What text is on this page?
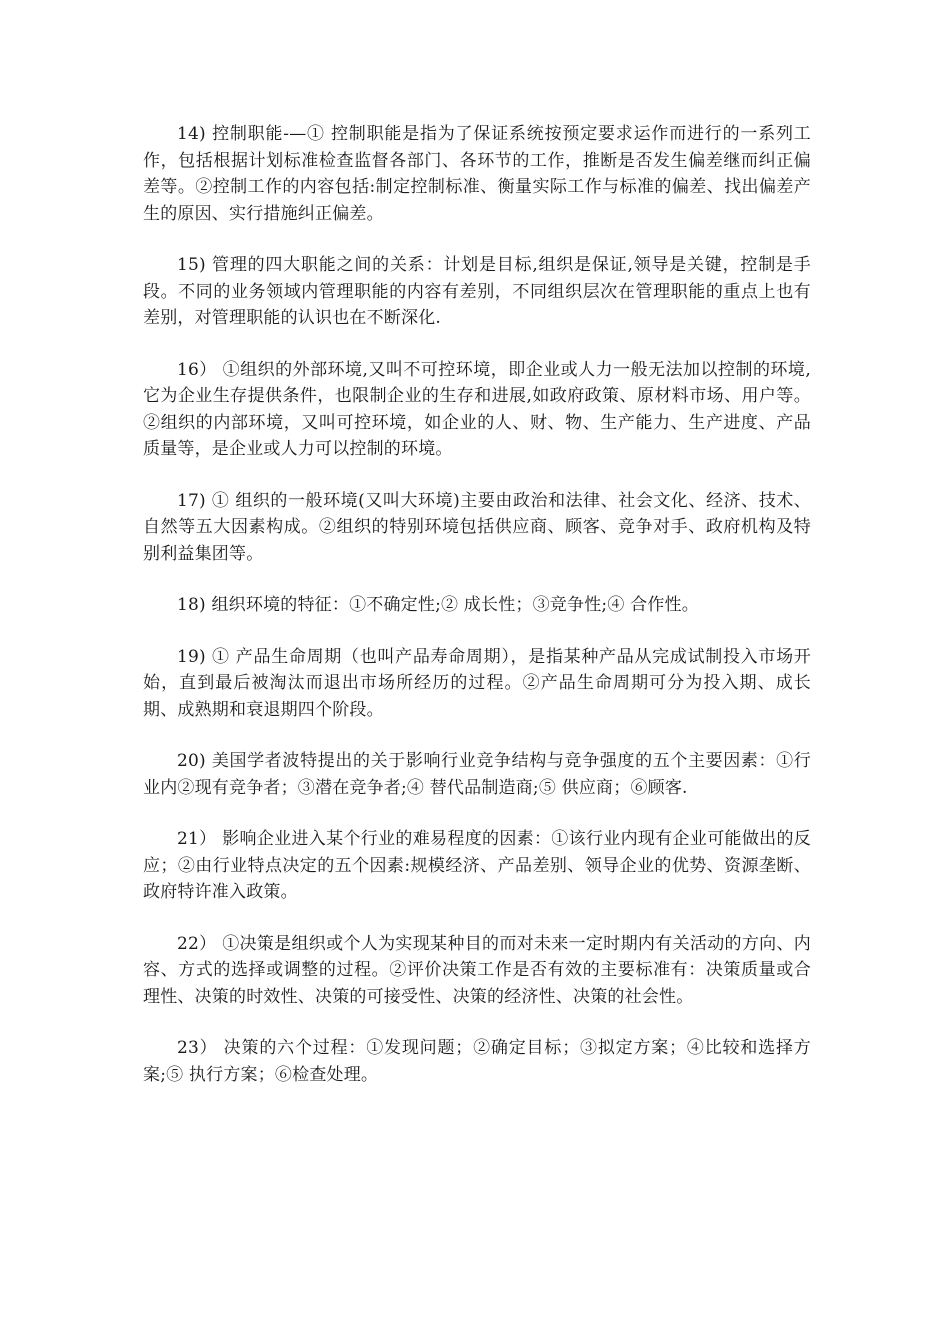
14) 控制职能-—① 控制职能是指为了保证系统按预定要求运作而进行的一系列工作，包括根据计划标准检查监督各部门、各环节的工作，推断是否发生偏差继而纠正偏差等。②控制工作的内容包括:制定控制标准、衡量实际工作与标准的偏差、找出偏差产生的原因、实行措施纠正偏差。

15) 管理的四大职能之间的关系：计划是目标,组织是保证,领导是关键，控制是手段。不同的业务领域内管理职能的内容有差别，不同组织层次在管理职能的重点上也有差别，对管理职能的认识也在不断深化.

16） ①组织的外部环境,又叫不可控环境，即企业或人力一般无法加以控制的环境,它为企业生存提供条件，也限制企业的生存和进展,如政府政策、原材料市场、用户等。②组织的内部环境，又叫可控环境，如企业的人、财、物、生产能力、生产进度、产品质量等，是企业或人力可以控制的环境。

17) ① 组织的一般环境(又叫大环境)主要由政治和法律、社会文化、经济、技术、自然等五大因素构成。②组织的特别环境包括供应商、顾客、竞争对手、政府机构及特别利益集团等。

18) 组织环境的特征：①不确定性;② 成长性；③竞争性;④ 合作性。

19) ① 产品生命周期（也叫产品寿命周期），是指某种产品从完成试制投入市场开始，直到最后被淘汰而退出市场所经历的过程。②产品生命周期可分为投入期、成长期、成熟期和衰退期四个阶段。

20) 美国学者波特提出的关于影响行业竞争结构与竞争强度的五个主要因素：①行业内②现有竞争者；③潜在竞争者;④ 替代品制造商;⑤ 供应商；⑥顾客.

21） 影响企业进入某个行业的难易程度的因素：①该行业内现有企业可能做出的反应；②由行业特点决定的五个因素:规模经济、产品差别、领导企业的优势、资源垄断、政府特许准入政策。

22） ①决策是组织或个人为实现某种目的而对未来一定时期内有关活动的方向、内容、方式的选择或调整的过程。②评价决策工作是否有效的主要标准有：决策质量或合理性、决策的时效性、决策的可接受性、决策的经济性、决策的社会性。

23） 决策的六个过程：①发现问题；②确定目标；③拟定方案；④比较和选择方案;⑤ 执行方案；⑥检查处理。
